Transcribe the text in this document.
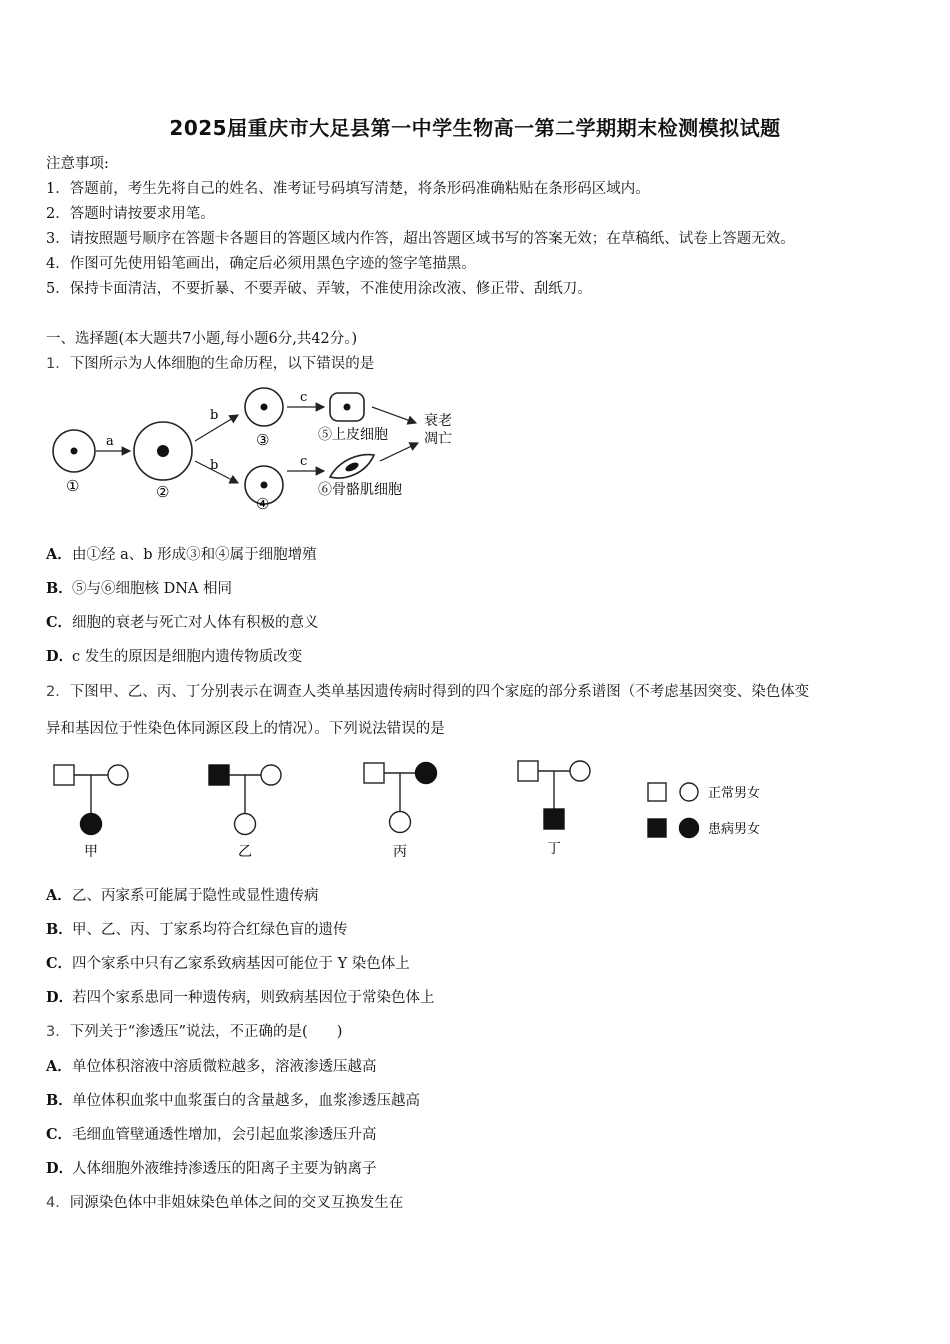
2025届重庆市大足县第一中学生物高一第二学期期末检测模拟试题
注意事项:
1．答题前，考生先将自己的姓名、准考证号码填写清楚，将条形码准确粘贴在条形码区域内。
2．答题时请按要求用笔。
3．请按照题号顺序在答题卡各题目的答题区域内作答，超出答题区域书写的答案无效；在草稿纸、试卷上答题无效。
4．作图可先使用铅笔画出，确定后必须用黑色字迹的签字笔描黑。
5．保持卡面清洁，不要折暴、不要弄破、弄皱，不准使用涂改液、修正带、刮纸刀。
一、选择题(本大题共7小题,每小题6分,共42分。)
1．下图所示为人体细胞的生命历程，以下错误的是
①
a
②
b
b
③
④
c
c
⑤上皮细胞
⑥骨骼肌细胞
衰老
凋亡
A．由①经 a、b 形成③和④属于细胞增殖
B．⑤与⑥细胞核 DNA 相同
C．细胞的衰老与死亡对人体有积极的意义
D．c 发生的原因是细胞内遗传物质改变
2．下图甲、乙、丙、丁分别表示在调查人类单基因遗传病时得到的四个家庭的部分系谱图（不考虑基因突变、染色体变
异和基因位于性染色体同源区段上的情况）。下列说法错误的是
甲	乙	丙	丁
正常男女
患病男女
A．乙、丙家系可能属于隐性或显性遗传病
B．甲、乙、丙、丁家系均符合红绿色盲的遗传
C．四个家系中只有乙家系致病基因可能位于 Y 染色体上
D．若四个家系患同一种遗传病，则致病基因位于常染色体上
3．下列关于“渗透压”说法，不正确的是(　　)
A．单位体积溶液中溶质微粒越多，溶液渗透压越高
B．单位体积血浆中血浆蛋白的含量越多，血浆渗透压越高
C．毛细血管壁通透性增加，会引起血浆渗透压升高
D．人体细胞外液维持渗透压的阳离子主要为钠离子
4．同源染色体中非姐妹染色单体之间的交叉互换发生在
